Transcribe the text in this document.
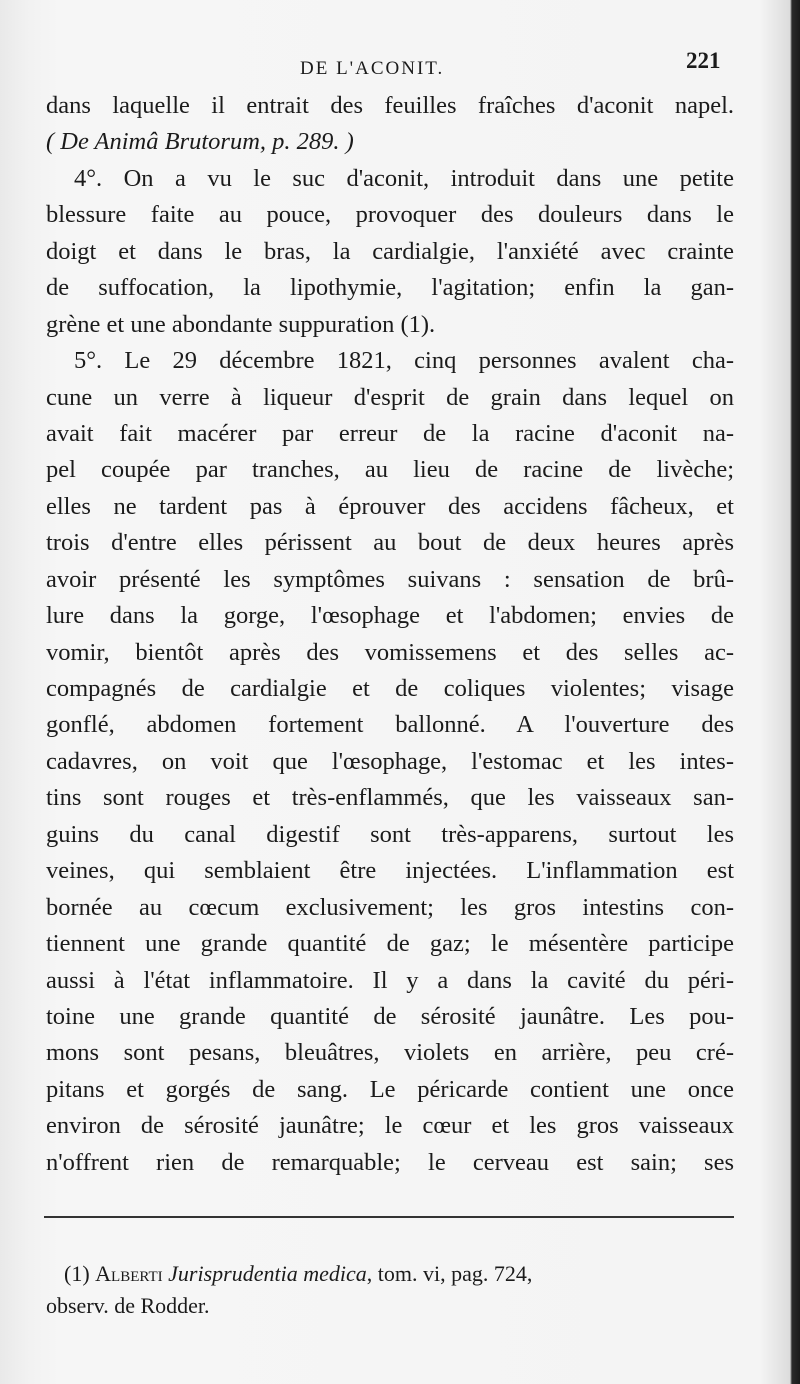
DE L'ACONIT.	221
dans laquelle il entrait des feuilles fraîches d'aconit napel.
( De Animâ Brutorum, p. 289. )
4°. On a vu le suc d'aconit, introduit dans une petite
blessure faite au pouce, provoquer des douleurs dans le
doigt et dans le bras, la cardialgie, l'anxiété avec crainte
de suffocation, la lipothymie, l'agitation; enfin la gan-
grène et une abondante suppuration (1).
5°. Le 29 décembre 1821, cinq personnes avalent cha-
cune un verre à liqueur d'esprit de grain dans lequel on
avait fait macérer par erreur de la racine d'aconit na-
pel coupée par tranches, au lieu de racine de livèche;
elles ne tardent pas à éprouver des accidens fâcheux, et
trois d'entre elles périssent au bout de deux heures après
avoir présenté les symptômes suivans : sensation de brû-
lure dans la gorge, l'œsophage et l'abdomen; envies de
vomir, bientôt après des vomissemens et des selles ac-
compagnés de cardialgie et de coliques violentes; visage
gonflé, abdomen fortement ballonné. A l'ouverture des
cadavres, on voit que l'œsophage, l'estomac et les intes-
tins sont rouges et très-enflammés, que les vaisseaux san-
guins du canal digestif sont très-apparens, surtout les
veines, qui semblaient être injectées. L'inflammation est
bornée au cœcum exclusivement; les gros intestins con-
tiennent une grande quantité de gaz; le mésentère participe
aussi à l'état inflammatoire. Il y a dans la cavité du péri-
toine une grande quantité de sérosité jaunâtre. Les pou-
mons sont pesans, bleuâtres, violets en arrière, peu cré-
pitans et gorgés de sang. Le péricarde contient une once
environ de sérosité jaunâtre; le cœur et les gros vaisseaux
n'offrent rien de remarquable; le cerveau est sain; ses
(1) Alberti Jurisprudentia medica, tom. vi, pag. 724,
observ. de Rodder.
